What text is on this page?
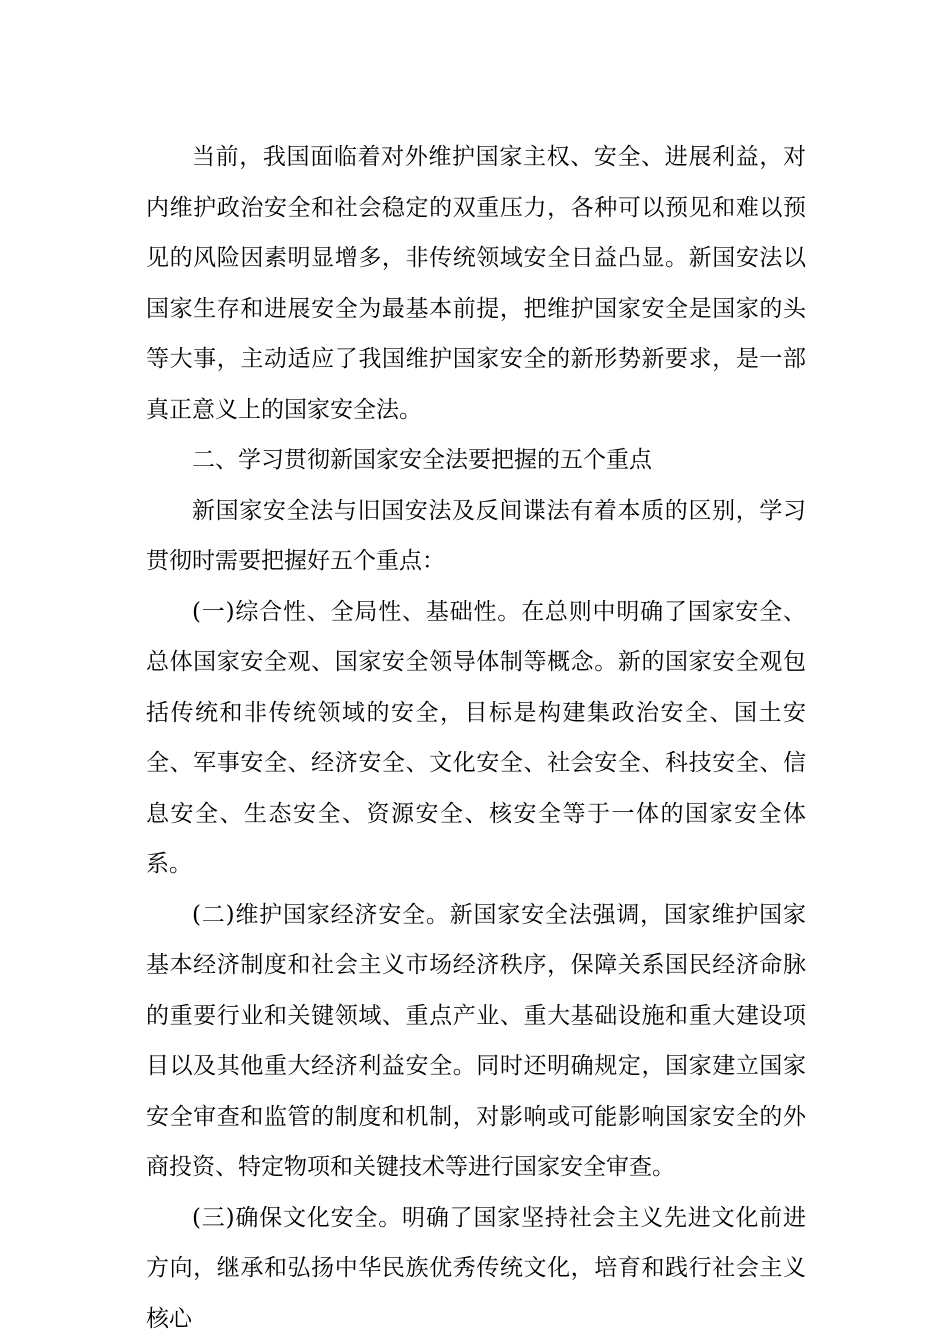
当前，我国面临着对外维护国家主权、安全、进展利益，对内维护政治安全和社会稳定的双重压力，各种可以预见和难以预见的风险因素明显增多，非传统领域安全日益凸显。新国安法以国家生存和进展安全为最基本前提，把维护国家安全是国家的头等大事，主动适应了我国维护国家安全的新形势新要求，是一部真正意义上的国家安全法。

二、学习贯彻新国家安全法要把握的五个重点

新国家安全法与旧国安法及反间谍法有着本质的区别，学习贯彻时需要把握好五个重点：

(一)综合性、全局性、基础性。在总则中明确了国家安全、总体国家安全观、国家安全领导体制等概念。新的国家安全观包括传统和非传统领域的安全，目标是构建集政治安全、国土安全、军事安全、经济安全、文化安全、社会安全、科技安全、信息安全、生态安全、资源安全、核安全等于一体的国家安全体系。

(二)维护国家经济安全。新国家安全法强调，国家维护国家基本经济制度和社会主义市场经济秩序，保障关系国民经济命脉的重要行业和关键领域、重点产业、重大基础设施和重大建设项目以及其他重大经济利益安全。同时还明确规定，国家建立国家安全审查和监管的制度和机制，对影响或可能影响国家安全的外商投资、特定物项和关键技术等进行国家安全审查。

(三)确保文化安全。明确了国家坚持社会主义先进文化前进方向，继承和弘扬中华民族优秀传统文化，培育和践行社会主义核心
